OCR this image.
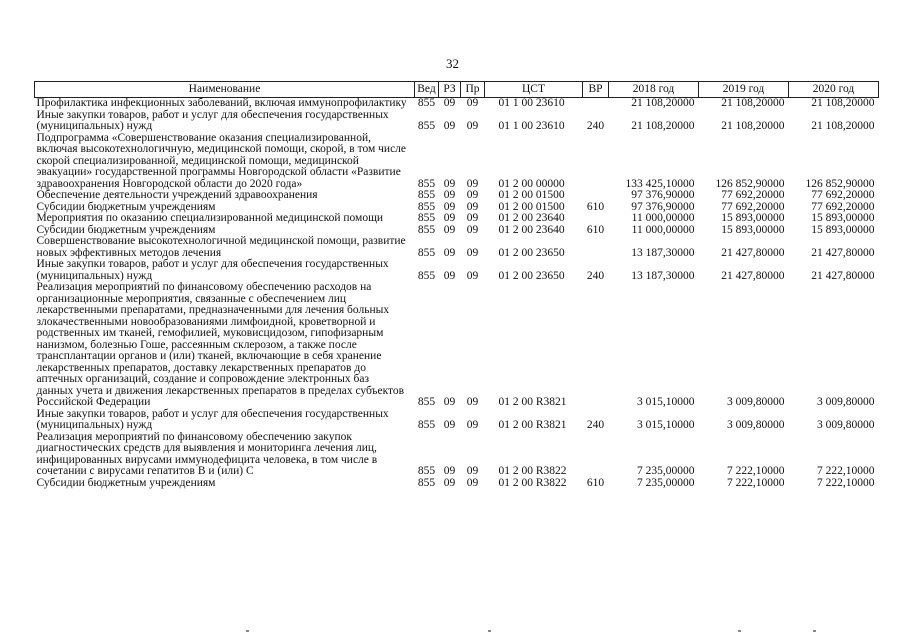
32
Наименование	Вед	РЗ	Пр	ЦСТ	ВР	2018 год	2019 год	2020 год
Профилактика инфекционных заболеваний, включая иммунопрофилактику	855	09	09	01 1 00 23610		21 108,20000	21 108,20000	21 108,20000
Иные закупки товаров, работ и услуг для обеспечения государственных (муниципальных) нужд	855	09	09	01 1 00 23610	240	21 108,20000	21 108,20000	21 108,20000
Подпрограмма «Совершенствование оказания специализированной, включая высокотехнологичную, медицинской помощи, скорой, в том числе скорой специализированной, медицинской помощи, медицинской эвакуации» государственной программы Новгородской области «Развитие здравоохранения Новгородской области до 2020 года»	855	09	09	01 2 00 00000		133 425,10000	126 852,90000	126 852,90000
Обеспечение деятельности учреждений здравоохранения	855	09	09	01 2 00 01500		97 376,90000	77 692,20000	77 692,20000
Субсидии бюджетным учреждениям	855	09	09	01 2 00 01500	610	97 376,90000	77 692,20000	77 692,20000
Мероприятия по оказанию специализированной медицинской помощи	855	09	09	01 2 00 23640		11 000,00000	15 893,00000	15 893,00000
Субсидии бюджетным учреждениям	855	09	09	01 2 00 23640	610	11 000,00000	15 893,00000	15 893,00000
Совершенствование высокотехнологичной медицинской помощи, развитие новых эффективных методов лечения	855	09	09	01 2 00 23650		13 187,30000	21 427,80000	21 427,80000
Иные закупки товаров, работ и услуг для обеспечения государственных (муниципальных) нужд	855	09	09	01 2 00 23650	240	13 187,30000	21 427,80000	21 427,80000
Реализация мероприятий по финансовому обеспечению расходов на организационные мероприятия, связанные с обеспечением лиц лекарственными препаратами, предназначенными для лечения больных злокачественными новообразованиями лимфоидной, кроветворной и родственных им тканей, гемофилией, муковисцидозом, гипофизарным нанизмом, болезнью Гоше, рассеянным склерозом, а также после трансплантации органов и (или) тканей, включающие в себя хранение лекарственных препаратов, доставку лекарственных препаратов до аптечных организаций, создание и сопровождение электронных баз данных учета и движения лекарственных препаратов в пределах субъектов Российской Федерации	855	09	09	01 2 00 R3821		3 015,10000	3 009,80000	3 009,80000
Иные закупки товаров, работ и услуг для обеспечения государственных (муниципальных) нужд	855	09	09	01 2 00 R3821	240	3 015,10000	3 009,80000	3 009,80000
Реализация мероприятий по финансовому обеспечению закупок диагностических средств для выявления и мониторинга лечения лиц, инфицированных вирусами иммунодефицита человека, в том числе в сочетании с вирусами гепатитов В и (или) С	855	09	09	01 2 00 R3822		7 235,00000	7 222,10000	7 222,10000
Субсидии бюджетным учреждениям	855	09	09	01 2 00 R3822	610	7 235,00000	7 222,10000	7 222,10000
